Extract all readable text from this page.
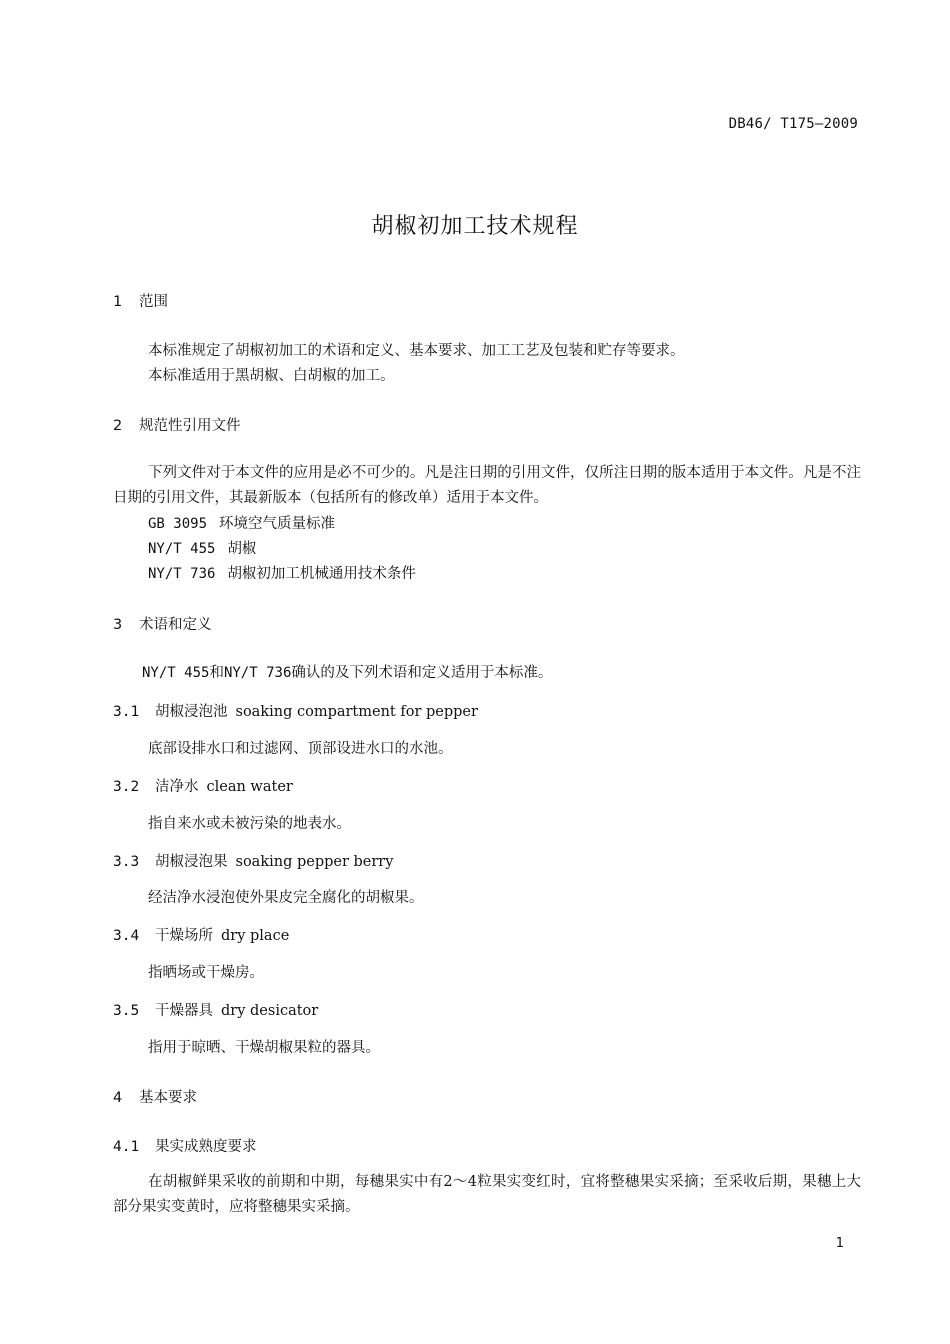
DB46/ T175—2009
胡椒初加工技术规程
1 范围
本标准规定了胡椒初加工的术语和定义、基本要求、加工工艺及包装和贮存等要求。
本标准适用于黑胡椒、白胡椒的加工。
2 规范性引用文件
下列文件对于本文件的应用是必不可少的。凡是注日期的引用文件，仅所注日期的版本适用于本文件。凡是不注日期的引用文件，其最新版本（包括所有的修改单）适用于本文件。
GB 3095 环境空气质量标准
NY/T 455 胡椒
NY/T 736 胡椒初加工机械通用技术条件
3 术语和定义
NY/T 455和NY/T 736确认的及下列术语和定义适用于本标准。
3.1 胡椒浸泡池 soaking compartment for pepper
底部设排水口和过滤网、顶部设进水口的水池。
3.2 洁净水 clean water
指自来水或未被污染的地表水。
3.3 胡椒浸泡果 soaking pepper berry
经洁净水浸泡使外果皮完全腐化的胡椒果。
3.4 干燥场所 dry place
指晒场或干燥房。
3.5 干燥器具 dry desicator
指用于晾晒、干燥胡椒果粒的器具。
4 基本要求
4.1 果实成熟度要求
在胡椒鲜果采收的前期和中期，每穗果实中有2～4粒果实变红时，宜将整穗果实采摘；至采收后期，果穗上大部分果实变黄时，应将整穗果实采摘。
1
